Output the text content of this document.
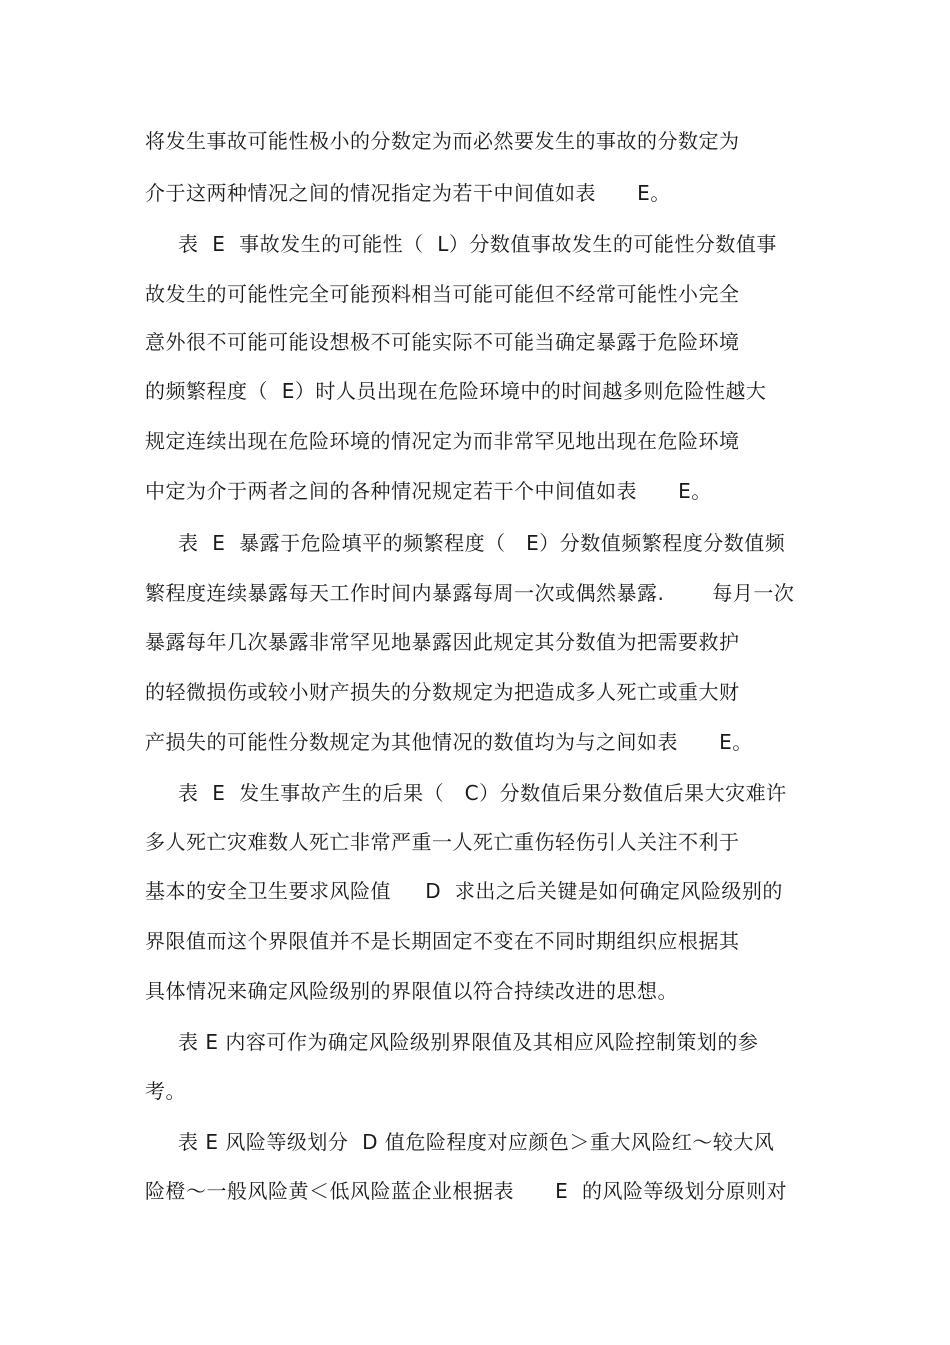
将发生事故可能性极小的分数定为而必然要发生的事故的分数定为
介于这两种情况之间的情况指定为若干中间值如表      E。
表  E  事故发生的可能性（  L）分数值事故发生的可能性分数值事
故发生的可能性完全可能预料相当可能可能但不经常可能性小完全
意外很不可能可能设想极不可能实际不可能当确定暴露于危险环境
的频繁程度（  E）时人员出现在危险环境中的时间越多则危险性越大
规定连续出现在危险环境的情况定为而非常罕见地出现在危险环境
中定为介于两者之间的各种情况规定若干个中间值如表      E。
表  E  暴露于危险填平的频繁程度（   E）分数值频繁程度分数值频
繁程度连续暴露每天工作时间内暴露每周一次或偶然暴露.       每月一次
暴露每年几次暴露非常罕见地暴露因此规定其分数值为把需要救护
的轻微损伤或较小财产损失的分数规定为把造成多人死亡或重大财
产损失的可能性分数规定为其他情况的数值均为与之间如表      E。
表  E  发生事故产生的后果（   C）分数值后果分数值后果大灾难许
多人死亡灾难数人死亡非常严重一人死亡重伤轻伤引人关注不利于
基本的安全卫生要求风险值     D  求出之后关键是如何确定风险级别的
界限值而这个界限值并不是长期固定不变在不同时期组织应根据其
具体情况来确定风险级别的界限值以符合持续改进的思想。
表 E 内容可作为确定风险级别界限值及其相应风险控制策划的参
考。
表 E 风险等级划分  D 值危险程度对应颜色＞重大风险红～较大风
险橙～一般风险黄＜低风险蓝企业根据表      E  的风险等级划分原则对
